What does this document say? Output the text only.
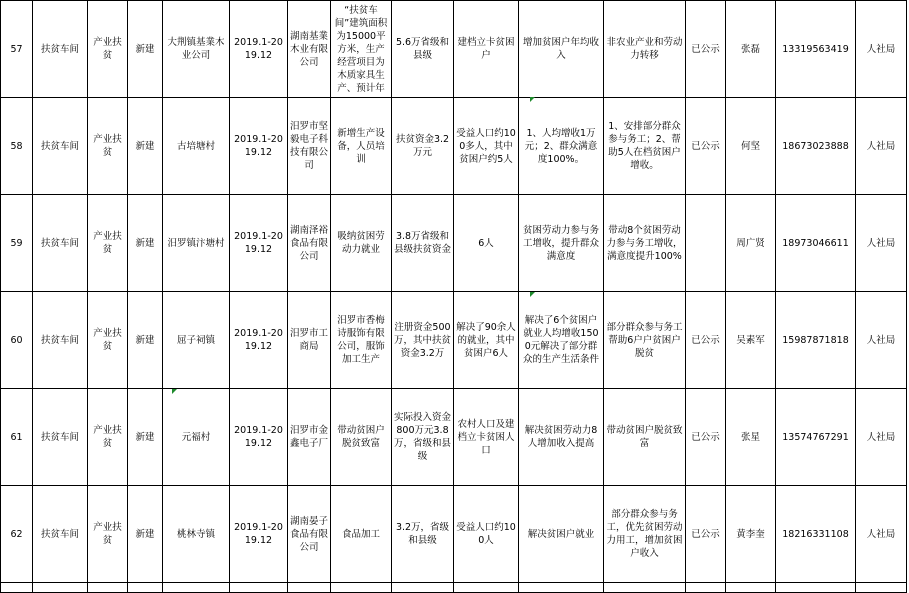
57	扶贫车间	产业扶贫	新建	大荆镇基業木业公司	2019.1-2019.12	湖南基業木业有限公司	“扶贫车间”建筑面积为15000平方米，生产经营项目为木质家具生产、预计年	5.6万省级和县级	建档立卡贫困户	增加贫困户年均收入	非农业产业和劳动力转移	已公示	张磊	13319563419	人社局

58	扶贫车间	产业扶贫	新建	古培塘村	2019.1-2019.12	汨罗市坚毅电子科技有限公司	新增生产设备，人员培训	扶贫资金3.2万元	受益人口约100多人，其中贫困户约5人	1、人均增收1万元；2、群众满意度100%。	1、安排部分群众参与务工；2、帮助5人在档贫困户增收。	已公示	何坚	18673023888	人社局

59	扶贫车间	产业扶贫	新建	汨罗镇汴塘村	2019.1-2019.12	湖南泽裕食品有限公司	吸纳贫困劳动力就业	3.8万省级和县级扶贫资金	6人	贫困劳动力参与务工增收，提升群众满意度	带动8个贫困劳动力参与务工增收，满意度提升100%		周广贤	18973046611	人社局

60	扶贫车间	产业扶贫	新建	屈子祠镇	2019.1-2019.12	汨罗市工商局	汨罗市香梅诗服饰有限公司，服饰加工生产	注册资金500万，其中扶贫资金3.2万	解决了90余人的就业，其中贫困户6人	解决了6个贫困户就业人均增收1500元解决了部分群众的生产生活条件	部分群众参与务工帮助6户户贫困户脱贫	已公示	吴素军	15987871818	人社局

61	扶贫车间	产业扶贫	新建	元福村	2019.1-2019.12	汨罗市金鑫电子厂	带动贫困户脱贫致富	实际投入资金800万元3.8万，省级和县级	农村人口及建档立卡贫困人口	解决贫困劳动力8人增加收入提高	带动贫困户脱贫致富	已公示	张星	13574767291	人社局

62	扶贫车间	产业扶贫	新建	桃林寺镇	2019.1-2019.12	湖南晏子食品有限公司	食品加工	3.2万，省级和县级	受益人口约100人	解决贫困户就业	部分群众参与务工，优先贫困劳动力用工，增加贫困户收入	已公示	黄李奎	18216331108	人社局
